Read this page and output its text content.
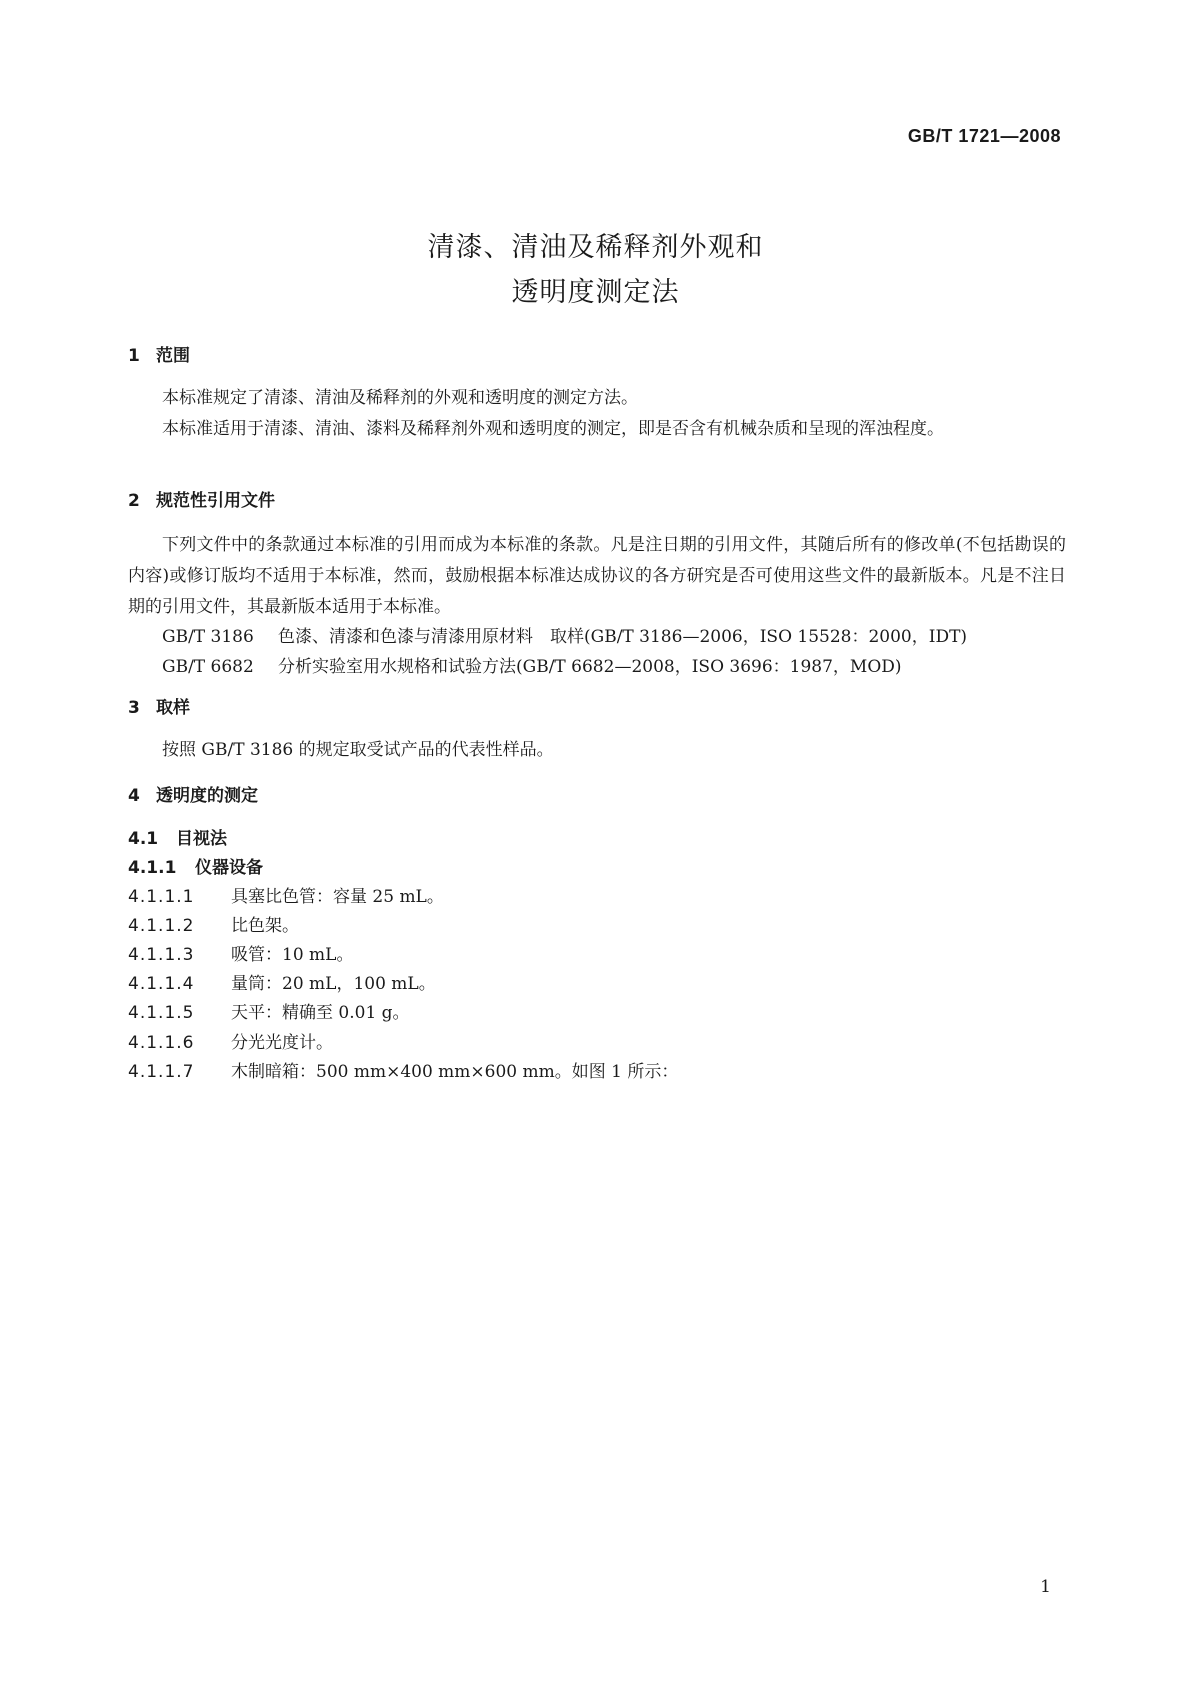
GB/T 1721—2008
清漆、清油及稀释剂外观和
透明度测定法
1 范围
本标准规定了清漆、清油及稀释剂的外观和透明度的测定方法。
本标准适用于清漆、清油、漆料及稀释剂外观和透明度的测定，即是否含有机械杂质和呈现的浑浊程度。
2 规范性引用文件
下列文件中的条款通过本标准的引用而成为本标准的条款。凡是注日期的引用文件，其随后所有的修改单(不包括勘误的内容)或修订版均不适用于本标准，然而，鼓励根据本标准达成协议的各方研究是否可使用这些文件的最新版本。凡是不注日期的引用文件，其最新版本适用于本标准。
GB/T 3186 色漆、清漆和色漆与清漆用原材料　取样(GB/T 3186—2006，ISO 15528：2000，IDT)
GB/T 6682 分析实验室用水规格和试验方法(GB/T 6682—2008，ISO 3696：1987，MOD)
3 取样
按照 GB/T 3186 的规定取受试产品的代表性样品。
4 透明度的测定
4.1 目视法
4.1.1 仪器设备
4.1.1.1 具塞比色管：容量 25 mL。
4.1.1.2 比色架。
4.1.1.3 吸管：10 mL。
4.1.1.4 量筒：20 mL，100 mL。
4.1.1.5 天平：精确至 0.01 g。
4.1.1.6 分光光度计。
4.1.1.7 木制暗箱：500 mm×400 mm×600 mm。如图 1 所示：
1
